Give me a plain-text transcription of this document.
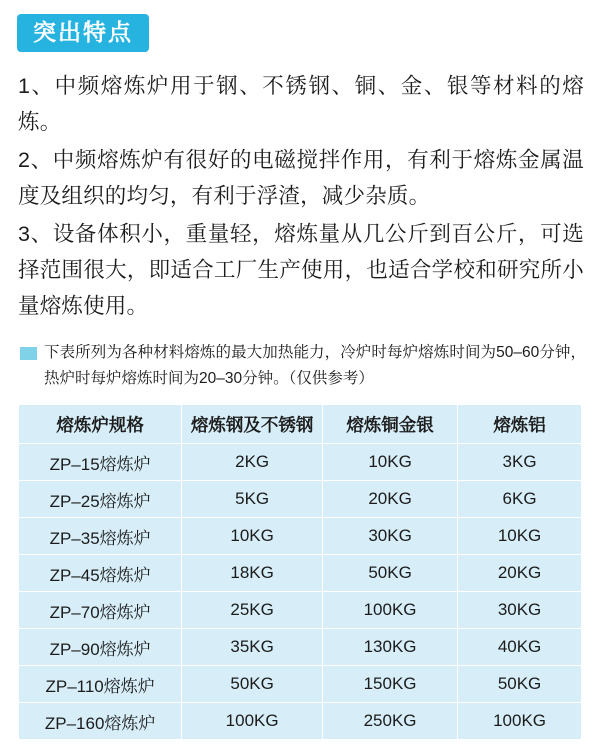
突出特点

1、中频熔炼炉用于钢、不锈钢、铜、金、银等材料的熔炼。

2、中频熔炼炉有很好的电磁搅拌作用，有利于熔炼金属温度及组织的均匀，有利于浮渣，减少杂质。

3、设备体积小，重量轻，熔炼量从几公斤到百公斤，可选择范围很大，即适合工厂生产使用，也适合学校和研究所小量熔炼使用。

下表所列为各种材料熔炼的最大加热能力，冷炉时每炉熔炼时间为50–60分钟，热炉时每炉熔炼时间为20–30分钟。（仅供参考）
熔炼炉规格	熔炼钢及不锈钢	熔炼铜金银	熔炼铝
ZP–15熔炼炉	2KG	10KG	3KG
ZP–25熔炼炉	5KG	20KG	6KG
ZP–35熔炼炉	10KG	30KG	10KG
ZP–45熔炼炉	18KG	50KG	20KG
ZP–70熔炼炉	25KG	100KG	30KG
ZP–90熔炼炉	35KG	130KG	40KG
ZP–110熔炼炉	50KG	150KG	50KG
ZP–160熔炼炉	100KG	250KG	100KG
